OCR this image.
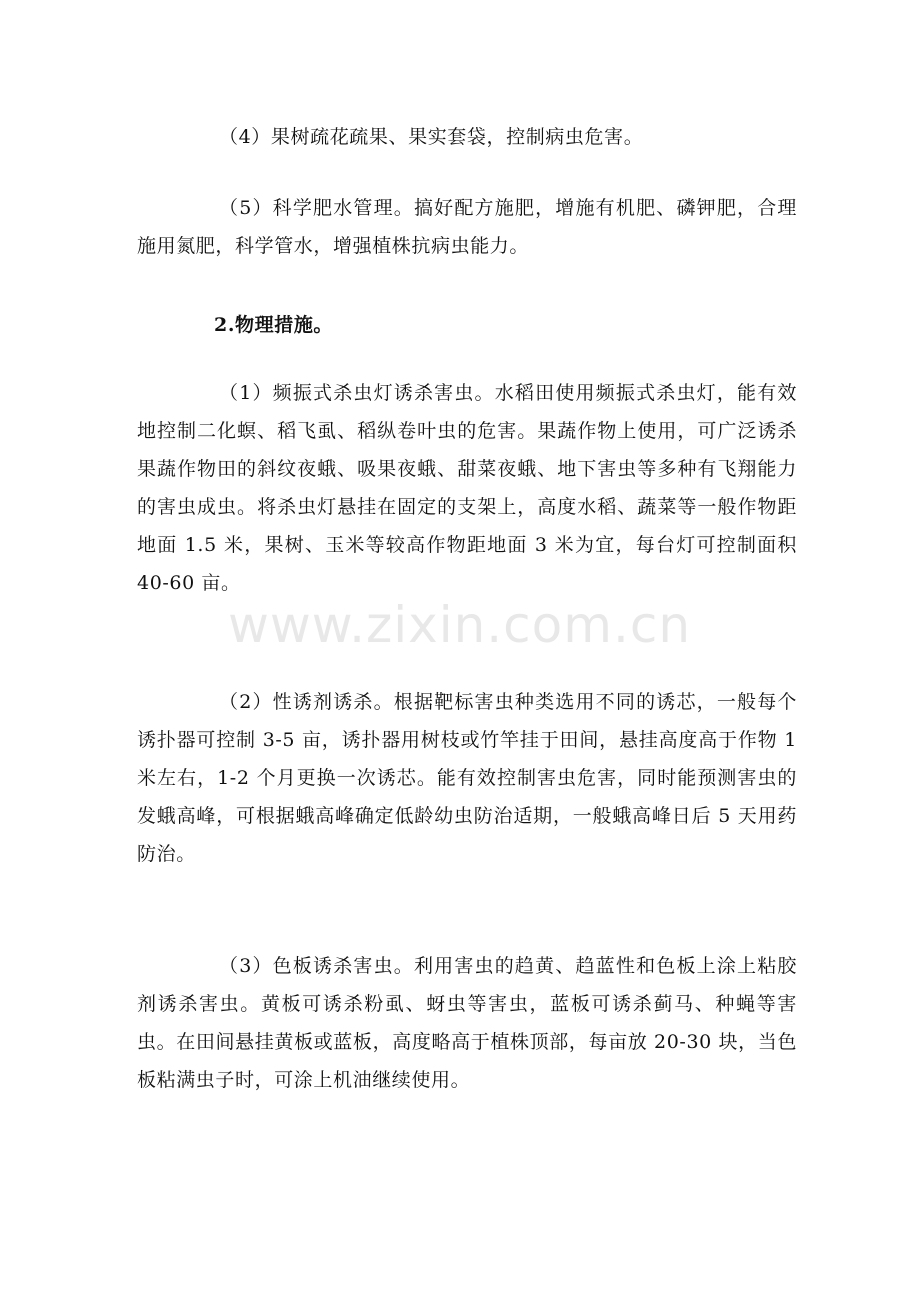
（4）果树疏花疏果、果实套袋，控制病虫危害。

（5）科学肥水管理。搞好配方施肥，增施有机肥、磷钾肥，合理施用氮肥，科学管水，增强植株抗病虫能力。

2.物理措施。

（1）频振式杀虫灯诱杀害虫。水稻田使用频振式杀虫灯，能有效地控制二化螟、稻飞虱、稻纵卷叶虫的危害。果蔬作物上使用，可广泛诱杀果蔬作物田的斜纹夜蛾、吸果夜蛾、甜菜夜蛾、地下害虫等多种有飞翔能力的害虫成虫。将杀虫灯悬挂在固定的支架上，高度水稻、蔬菜等一般作物距地面 1.5 米，果树、玉米等较高作物距地面 3 米为宜，每台灯可控制面积 40-60 亩。

（2）性诱剂诱杀。根据靶标害虫种类选用不同的诱芯，一般每个诱扑器可控制 3-5 亩，诱扑器用树枝或竹竿挂于田间，悬挂高度高于作物 1 米左右，1-2 个月更换一次诱芯。能有效控制害虫危害，同时能预测害虫的发蛾高峰，可根据蛾高峰确定低龄幼虫防治适期，一般蛾高峰日后 5 天用药防治。

（3）色板诱杀害虫。利用害虫的趋黄、趋蓝性和色板上涂上粘胶剂诱杀害虫。黄板可诱杀粉虱、蚜虫等害虫，蓝板可诱杀蓟马、种蝇等害虫。在田间悬挂黄板或蓝板，高度略高于植株顶部，每亩放 20-30 块，当色板粘满虫子时，可涂上机油继续使用。

www.zixin.com.cn
